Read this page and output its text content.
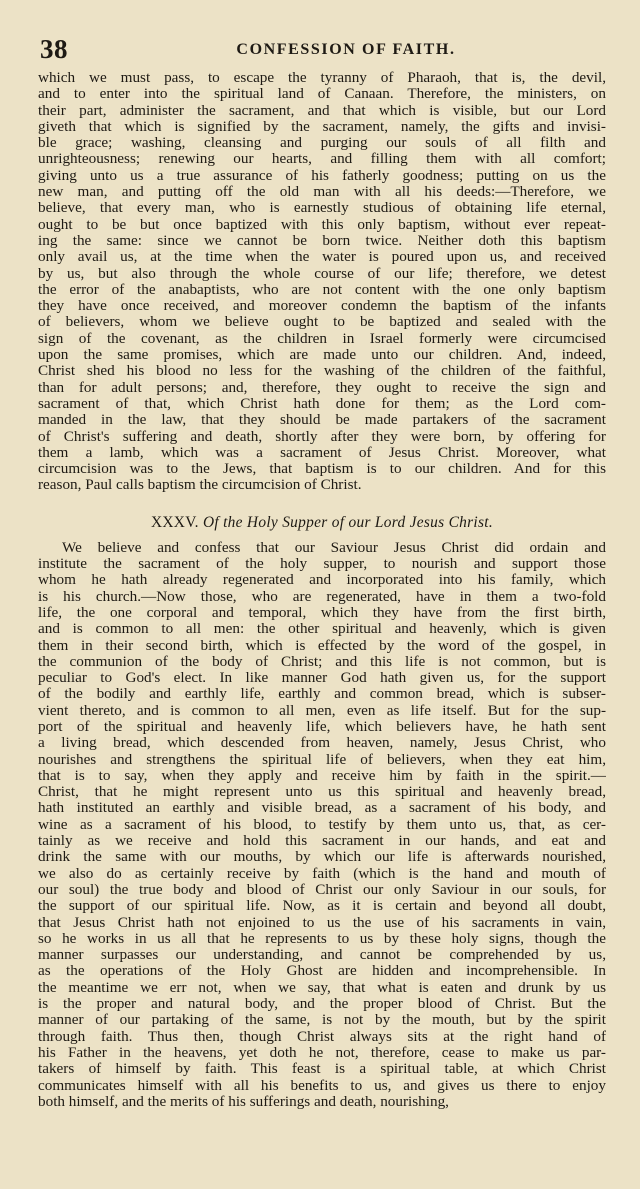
38	CONFESSION OF FAITH.
which we must pass, to escape the tyranny of Pharaoh, that is, the devil,
and to enter into the spiritual land of Canaan. Therefore, the ministers, on
their part, administer the sacrament, and that which is visible, but our Lord
giveth that which is signified by the sacrament, namely, the gifts and invisi-
ble grace; washing, cleansing and purging our souls of all filth and
unrighteousness; renewing our hearts, and filling them with all comfort;
giving unto us a true assurance of his fatherly goodness; putting on us the
new man, and putting off the old man with all his deeds:—Therefore, we
believe, that every man, who is earnestly studious of obtaining life eternal,
ought to be but once baptized with this only baptism, without ever repeat-
ing the same: since we cannot be born twice. Neither doth this baptism
only avail us, at the time when the water is poured upon us, and received
by us, but also through the whole course of our life; therefore, we detest
the error of the anabaptists, who are not content with the one only baptism
they have once received, and moreover condemn the baptism of the infants
of believers, whom we believe ought to be baptized and sealed with the
sign of the covenant, as the children in Israel formerly were circumcised
upon the same promises, which are made unto our children. And, indeed,
Christ shed his blood no less for the washing of the children of the faithful,
than for adult persons; and, therefore, they ought to receive the sign and
sacrament of that, which Christ hath done for them; as the Lord com-
manded in the law, that they should be made partakers of the sacrament
of Christ's suffering and death, shortly after they were born, by offering for
them a lamb, which was a sacrament of Jesus Christ. Moreover, what
circumcision was to the Jews, that baptism is to our children. And for this
reason, Paul calls baptism the circumcision of Christ.
XXXV. Of the Holy Supper of our Lord Jesus Christ.
We believe and confess that our Saviour Jesus Christ did ordain and
institute the sacrament of the holy supper, to nourish and support those
whom he hath already regenerated and incorporated into his family, which
is his church.—Now those, who are regenerated, have in them a two-fold
life, the one corporal and temporal, which they have from the first birth,
and is common to all men: the other spiritual and heavenly, which is given
them in their second birth, which is effected by the word of the gospel, in
the communion of the body of Christ; and this life is not common, but is
peculiar to God's elect. In like manner God hath given us, for the support
of the bodily and earthly life, earthly and common bread, which is subser-
vient thereto, and is common to all men, even as life itself. But for the sup-
port of the spiritual and heavenly life, which believers have, he hath sent
a living bread, which descended from heaven, namely, Jesus Christ, who
nourishes and strengthens the spiritual life of believers, when they eat him,
that is to say, when they apply and receive him by faith in the spirit.—
Christ, that he might represent unto us this spiritual and heavenly bread,
hath instituted an earthly and visible bread, as a sacrament of his body, and
wine as a sacrament of his blood, to testify by them unto us, that, as cer-
tainly as we receive and hold this sacrament in our hands, and eat and
drink the same with our mouths, by which our life is afterwards nourished,
we also do as certainly receive by faith (which is the hand and mouth of
our soul) the true body and blood of Christ our only Saviour in our souls, for
the support of our spiritual life. Now, as it is certain and beyond all doubt,
that Jesus Christ hath not enjoined to us the use of his sacraments in vain,
so he works in us all that he represents to us by these holy signs, though the
manner surpasses our understanding, and cannot be comprehended by us,
as the operations of the Holy Ghost are hidden and incomprehensible. In
the meantime we err not, when we say, that what is eaten and drunk by us
is the proper and natural body, and the proper blood of Christ. But the
manner of our partaking of the same, is not by the mouth, but by the spirit
through faith. Thus then, though Christ always sits at the right hand of
his Father in the heavens, yet doth he not, therefore, cease to make us par-
takers of himself by faith. This feast is a spiritual table, at which Christ
communicates himself with all his benefits to us, and gives us there to enjoy
both himself, and the merits of his sufferings and death, nourishing,
